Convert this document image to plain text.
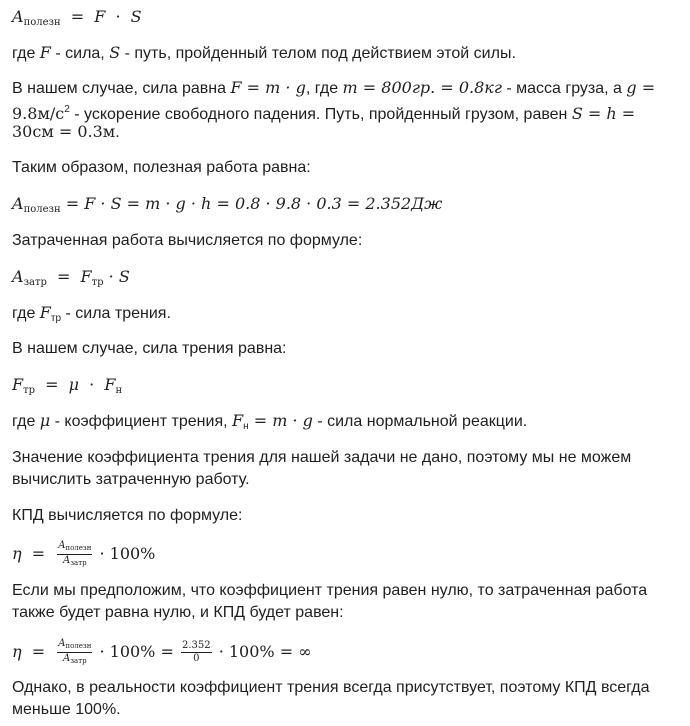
$A_{полезн} = F \cdot S$
где F - сила, S - путь, пройденный телом под действием этой силы.
В нашем случае, сила равна F = m · g, где m = 800гр. = 0.8кг - масса груза, а g =
$9.8м/с^2$ - ускорение свободного падения. Путь, пройденный грузом, равен S = h =
30см = 0.3м.
Таким образом, полезная работа равна:
$A_{полезн} = F \cdot S = m \cdot g \cdot h = 0.8 \cdot 9.8 \cdot 0.3 = 2.352Дж$
Затраченная работа вычисляется по формуле:
$A_{затр} = F_{тр} \cdot S$
где $F_{тр}$ - сила трения.
В нашем случае, сила трения равна:
$F_{тр} = \mu \cdot F_н$
где μ - коэффициент трения, $F_н = m \cdot g$ - сила нормальной реакции.
Значение коэффициента трения для нашей задачи не дано, поэтому мы не можем
вычислить затраченную работу.
КПД вычисляется по формуле:
$\eta = \frac{A_{полезн}}{A_{затр}} \cdot 100\%$
Если мы предположим, что коэффициент трения равен нулю, то затраченная работа
также будет равна нулю, и КПД будет равен:
$\eta = \frac{A_{полезн}}{A_{затр}} \cdot 100\% = \frac{2.352}{0} \cdot 100\%$ = ∞
Однако, в реальности коэффициент трения всегда присутствует, поэтому КПД всегда
меньше 100%.
